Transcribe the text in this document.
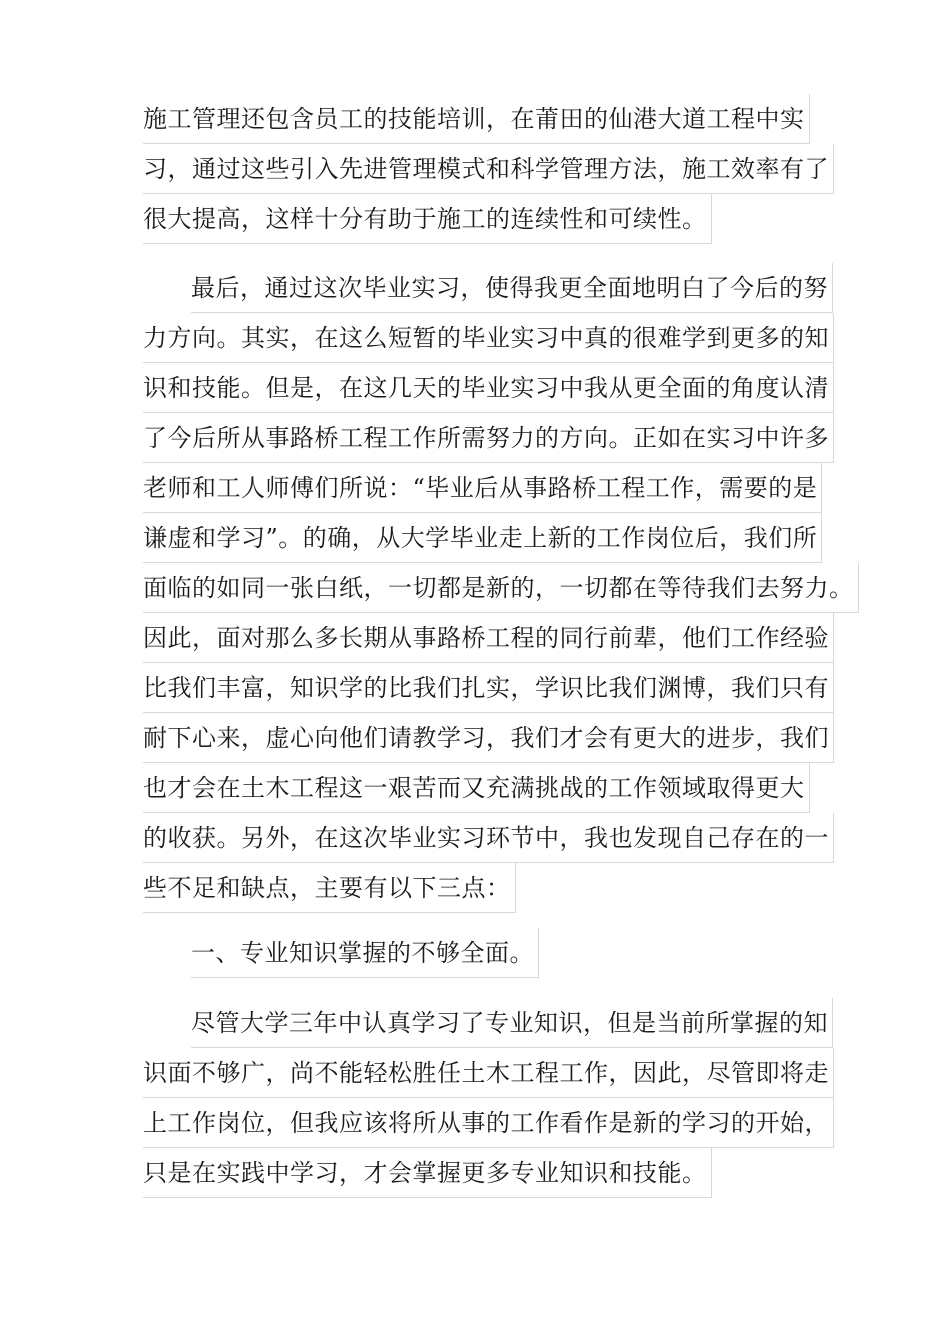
施工管理还包含员工的技能培训，在莆田的仙港大道工程中实
习，通过这些引入先进管理模式和科学管理方法，施工效率有了
很大提高，这样十分有助于施工的连续性和可续性。
最后，通过这次毕业实习，使得我更全面地明白了今后的努
力方向。其实，在这么短暂的毕业实习中真的很难学到更多的知
识和技能。但是，在这几天的毕业实习中我从更全面的角度认清
了今后所从事路桥工程工作所需努力的方向。正如在实习中许多
老师和工人师傅们所说：“毕业后从事路桥工程工作，需要的是
谦虚和学习”。的确，从大学毕业走上新的工作岗位后，我们所
面临的如同一张白纸，一切都是新的，一切都在等待我们去努力。
因此，面对那么多长期从事路桥工程的同行前辈，他们工作经验
比我们丰富，知识学的比我们扎实，学识比我们渊博，我们只有
耐下心来，虚心向他们请教学习，我们才会有更大的进步，我们
也才会在土木工程这一艰苦而又充满挑战的工作领域取得更大
的收获。另外，在这次毕业实习环节中，我也发现自己存在的一
些不足和缺点，主要有以下三点：
一、专业知识掌握的不够全面。
尽管大学三年中认真学习了专业知识，但是当前所掌握的知
识面不够广，尚不能轻松胜任土木工程工作，因此，尽管即将走
上工作岗位，但我应该将所从事的工作看作是新的学习的开始，
只是在实践中学习，才会掌握更多专业知识和技能。
